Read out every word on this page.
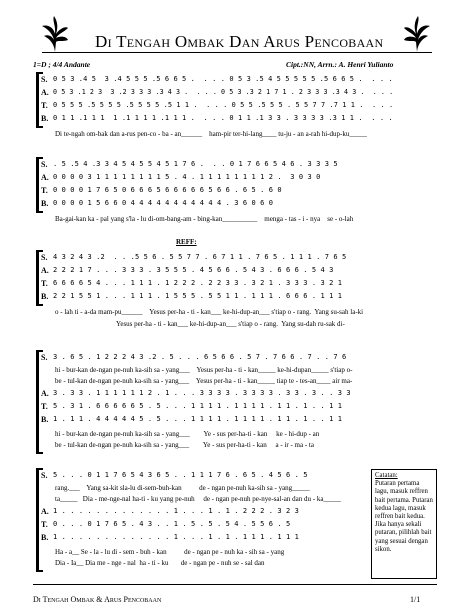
Di Tengah Ombak Dan Arus Pencobaan
1=D ; 4/4 Andante	Cipt.:NN, Arrn.: A. Henri Yulianto
S. 0 5 3 .4 5  3 .4 5 5 5 .5 6 6 5 .  . . . 0 5 3 .5 4 5 5 5 5 5 .5 6 6 5 .  . . .
A. 0 5 3 .1 2 3  3 .2 3 3 3 .3 4 3 .  . . . 0 5 3 .3 2 1 7 1 . 2 3 3 3 .3 4 3 .  . . .
T. 0 5 5 5 .5 5 5 5 .5 5 5 5 .5 1 1 .  . . . 0 5 5 .5 5 5 . 5 5 7 7 .7 1 1 .  . . .
B. 0 1 1 .1 1 1  1 .1 1 1 1 .1 1 1 .  . . . 0 1 1 .1 3 3 . 3 3 3 3 .3 1 1 .  . . .
Di te-ngah om-bak dan a-rus pen-co - ba - an______    ham-pir ter-hi-lang____ tu-ju - an a-rah hi-dup-ku_____
S. . 5 .5 4 .3 3 4 5 4 5 5 4 5 1 7 6 .  . . 0 1 7 6 6 5 4 6 . 3 3 3 5
A. 0 0 0 0 3 1 1 1 1 1 1 1 1 5 . 4 . 1 1 1 1 1 1 1 1 2 .  3 0 3 0
T. 0 0 0 0 1 7 6 5 0 6 6 6 5 6 6 6 6 6 5 6 6 . 6 5 . 6 0
B. 0 0 0 0 1 5 6 6 0 4 4 4 4 4 4 4 4 4 4 4 . 3 6 0 6 0
Ba-gai-kan ka - pal yang s'la - lu di-om-bang-am - bing-kan__________    menga - tas - i - nya    se - o-lah
REFF:
S. 4 3 2 4 3 .2  . . .5 5 6 . 5 5 7 7 . 6 7 1 1 . 7 6 5 . 1 1 1 . 7 6 5
A. 2 2 2 1 7 . . . 3 3 3 . 3 5 5 5 . 4 5 6 6 . 5 4 3 . 6 6 6 . 5 4 3
T. 6 6 6 6 5 4 . . . 1 1 1 . 1 2 2 2 . 2 2 3 3 . 3 2 1 . 3 3 3 . 3 2 1
B. 2 2 1 5 5 1 . . . 1 1 1 . 1 5 5 5 . 5 5 1 1 . 1 1 1 . 6 6 6 . 1 1 1
o - lah ti - a-da mam-pu______    Yesus per-ha - ti - kan___ ke-hi-dup-an___ s'tiap o - rang.  Yang su-sah la-ki
Yesus per-ha - ti - kan___ ke-hi-dup-an___ s'tiap o - rang.  Yang su-dah ru-sak di-
S. 3 . 6 5 . 1 2 2 2 4 3 .2 . 5 . . . 6 5 6 6 . 5 7 . 7 6 6 . 7 . . 7 6
hi - bur-kan de-ngan pe-nuh ka-sih sa - yang___    Yesus per-ha - ti - kan_____ ke-hi-dupan_____ s'tiap o-
be - tul-kan de-ngan pe-nuh ka-sih sa - yang___    Yesus per-ha - ti - kan_____ tiap te - tes-an____ air ma-
A. 3 . 3 3 . 1 1 1 1 1 1 2 . 1 . . . 3 3 3 3 . 3 3 3 3 . 3 3 . 3 . . 3 3
T. 5 . 3 1 . 6 6 6 6 6 5 . 5 . . . 1 1 1 1 . 1 1 1 1 . 1 1 . 1 . . 1 1
B. 1 . 1 1 . 4 4 4 4 4 5 . 5 . . . 1 1 1 1 . 1 1 1 1 . 1 1 . 1 . . 1 1
hi - bur-kan de-ngan pe-nuh ka-sih sa - yang___        Ye - sus per-ha-ti - kan     ke - hi-dup - an
be - tul-kan de-ngan pe-nuh ka-sih sa - yang___        Ye - sus per-ha-ti - kan     a - ir - ma - ta
S. 5 . . . 0 1 1 7 6 5 4 3 6 5 . . 1 1 1 7 6 . 6 5 . 4 5 6 . 5
rang.___    Yang sa-kit sla-lu di-sem-buh-kan          de - ngan pe-nuh ka-sih sa - yang_____
ta_____   Dia - me-nge-nal ha-ti - ku yang pe-nuh     de - ngan pe-nuh pe-nye-sal-an dan du - ka_____
A. 1 . . . . . . . . . . . . . 1 . . . 1 . 1 . 2 2 2 . 3 2 3
T. 0 . . . 0 1 7 6 5 . 4 3 . . 1 . 5 . 5 . 5 4 . 5 5 6 . 5
B. 1 . . . . . . . . . . . . . 1 . . . 1 . 1 . 1 1 1 . 1 1 1
Ha - a__ Se - la - lu di - sem - buh - kan          de - ngan pe - nuh ka - sih sa - yang
Dia - Ia__ Dia me - nge - nal  ha - ti - ku       de - ngan pe - nuh se - sal dan
Catatan:
Putaran pertama lagu, masuk reffren bait pertama. Putaran kedua lagu, masuk reffren bait kedua. Jika hanya sekali putaran, pilihlah bait yang sesuai dengan sikon.
Di Tengah Ombak & Arus Pencobaan	1/1
